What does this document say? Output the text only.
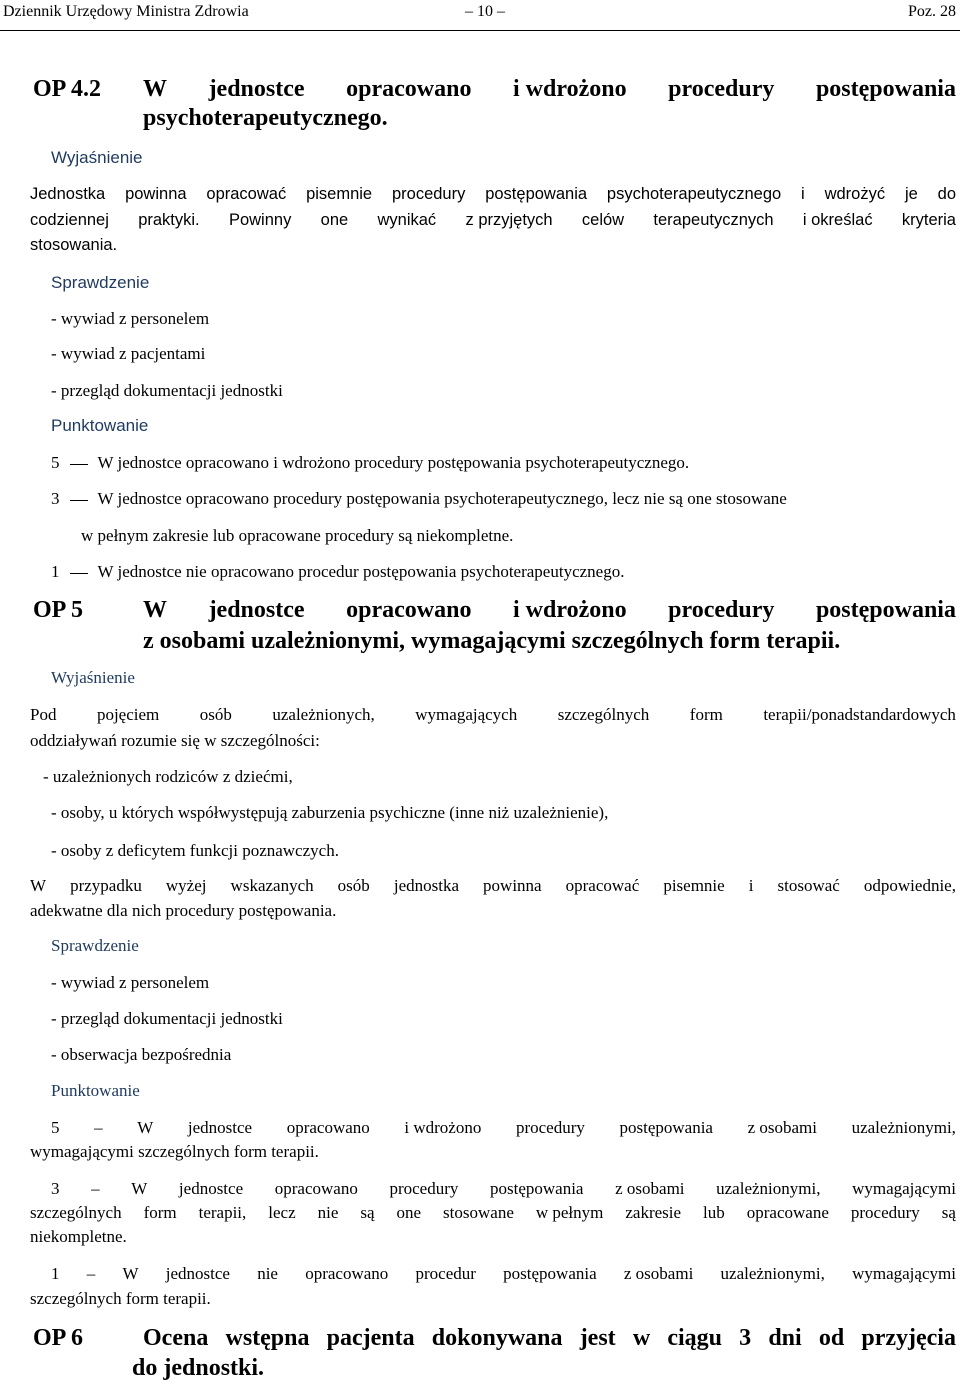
Dziennik Urzędowy Ministra Zdrowia	– 10 –	Poz. 28
OP 4.2 W jednostce opracowano i wdrożono procedury postępowania
psychoterapeutycznego.
Wyjaśnienie
Jednostka powinna opracować pisemnie procedury postępowania psychoterapeutycznego i wdrożyć je do
codziennej praktyki. Powinny one wynikać z przyjętych celów terapeutycznych i określać kryteria
stosowania.
Sprawdzenie
- wywiad z personelem
- wywiad z pacjentami
- przegląd dokumentacji jednostki
Punktowanie
5 W jednostce opracowano i wdrożono procedury postępowania psychoterapeutycznego.
3 W jednostce opracowano procedury postępowania psychoterapeutycznego, lecz nie są one stosowane
w pełnym zakresie lub opracowane procedury są niekompletne.
1 W jednostce nie opracowano procedur postępowania psychoterapeutycznego.
OP 5 W jednostce opracowano i wdrożono procedury postępowania
z osobami uzależnionymi, wymagającymi szczególnych form terapii.
Wyjaśnienie
Pod pojęciem osób uzależnionych, wymagających szczególnych form terapii/ponadstandardowych
oddziaływań rozumie się w szczególności:
- uzależnionych rodziców z dziećmi,
- osoby, u których współwystępują zaburzenia psychiczne (inne niż uzależnienie),
- osoby z deficytem funkcji poznawczych.
W przypadku wyżej wskazanych osób jednostka powinna opracować pisemnie i stosować odpowiednie,
adekwatne dla nich procedury postępowania.
Sprawdzenie
- wywiad z personelem
- przegląd dokumentacji jednostki
- obserwacja bezpośrednia
Punktowanie
5 – W jednostce opracowano i wdrożono procedury postępowania z osobami uzależnionymi,
wymagającymi szczególnych form terapii.
3 – W jednostce opracowano procedury postępowania z osobami uzależnionymi, wymagającymi
szczególnych form terapii, lecz nie są one stosowane w pełnym zakresie lub opracowane procedury są
niekompletne.
1 – W jednostce nie opracowano procedur postępowania z osobami uzależnionymi, wymagającymi
szczególnych form terapii.
OP 6 Ocena wstępna pacjenta dokonywana jest w ciągu 3 dni od przyjęcia
do jednostki.
